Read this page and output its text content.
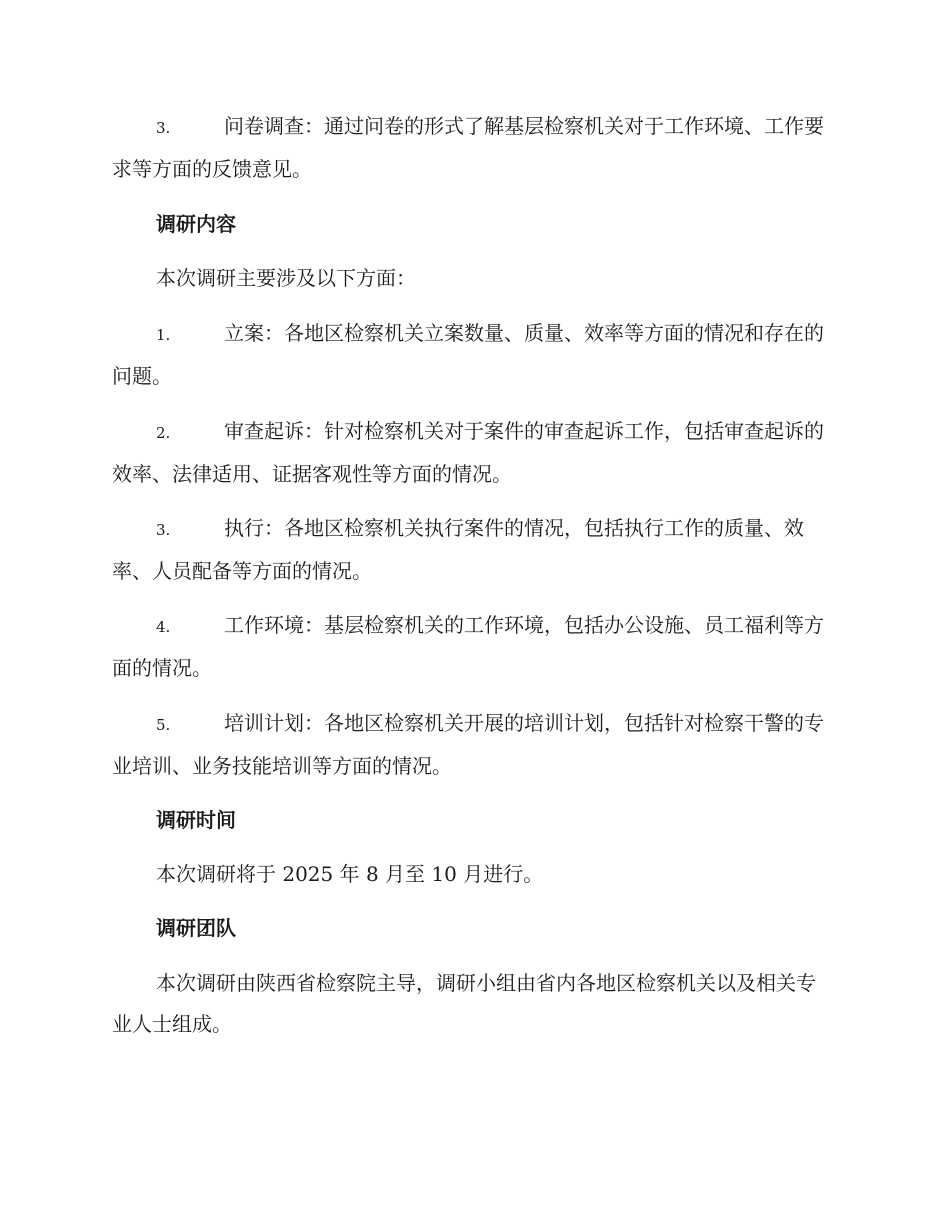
3.	问卷调查：通过问卷的形式了解基层检察机关对于工作环境、工作要求等方面的反馈意见。

调研内容

本次调研主要涉及以下方面：

1.	立案：各地区检察机关立案数量、质量、效率等方面的情况和存在的问题。

2.	审查起诉：针对检察机关对于案件的审查起诉工作，包括审查起诉的效率、法律适用、证据客观性等方面的情况。

3.	执行：各地区检察机关执行案件的情况，包括执行工作的质量、效率、人员配备等方面的情况。

4.	工作环境：基层检察机关的工作环境，包括办公设施、员工福利等方面的情况。

5.	培训计划：各地区检察机关开展的培训计划，包括针对检察干警的专业培训、业务技能培训等方面的情况。

调研时间

本次调研将于 2025 年 8 月至 10 月进行。

调研团队

本次调研由陕西省检察院主导，调研小组由省内各地区检察机关以及相关专业人士组成。
